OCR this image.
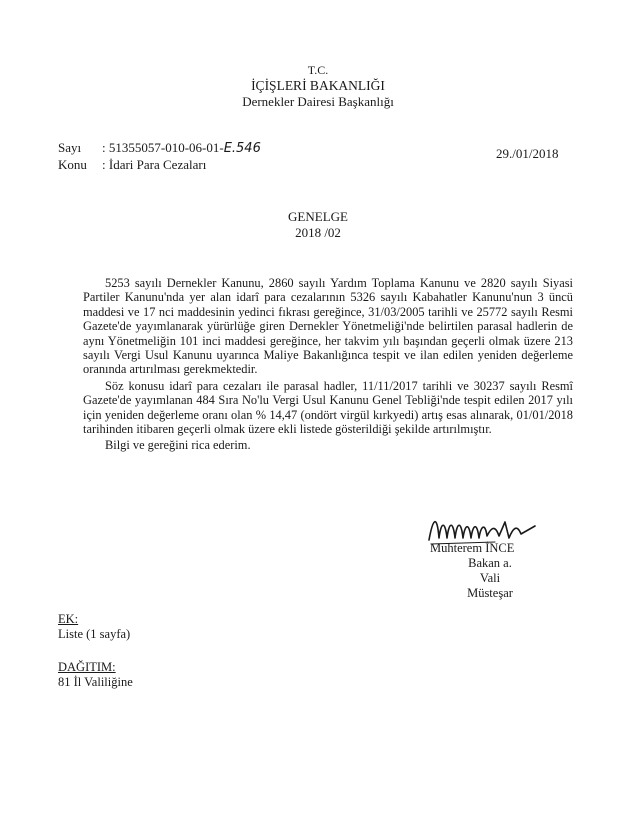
T.C.
İÇİŞLERİ BAKANLIĞI
Dernekler Dairesi Başkanlığı
Sayı : 51355057-010-06-01-E.546
Konu : İdari Para Cezaları
29./01/2018
GENELGE
2018 /02

5253 sayılı Dernekler Kanunu, 2860 sayılı Yardım Toplama Kanunu ve 2820 sayılı Siyasi Partiler Kanunu'nda yer alan idarî para cezalarının 5326 sayılı Kabahatler Kanunu'nun 3 üncü maddesi ve 17 nci maddesinin yedinci fıkrası gereğince, 31/03/2005 tarihli ve 25772 sayılı Resmi Gazete'de yayımlanarak yürürlüğe giren Dernekler Yönetmeliği'nde belirtilen parasal hadlerin de aynı Yönetmeliğin 101 inci maddesi gereğince, her takvim yılı başından geçerli olmak üzere 213 sayılı Vergi Usul Kanunu uyarınca Maliye Bakanlığınca tespit ve ilan edilen yeniden değerleme oranında artırılması gerekmektedir.

Söz konusu idarî para cezaları ile parasal hadler, 11/11/2017 tarihli ve 30237 sayılı Resmî Gazete'de yayımlanan 484 Sıra No'lu Vergi Usul Kanunu Genel Tebliği'nde tespit edilen 2017 yılı için yeniden değerleme oranı olan % 14,47 (ondört virgül kırkyedi) artış esas alınarak, 01/01/2018 tarihinden itibaren geçerli olmak üzere ekli listede gösterildiği şekilde artırılmıştır.

Bilgi ve gereğini rica ederim.

Muhterem İNCE
Bakan a.
Vali
Müsteşar
EK:
Liste (1 sayfa)
DAĞITIM:
81 İl Valiliğine
